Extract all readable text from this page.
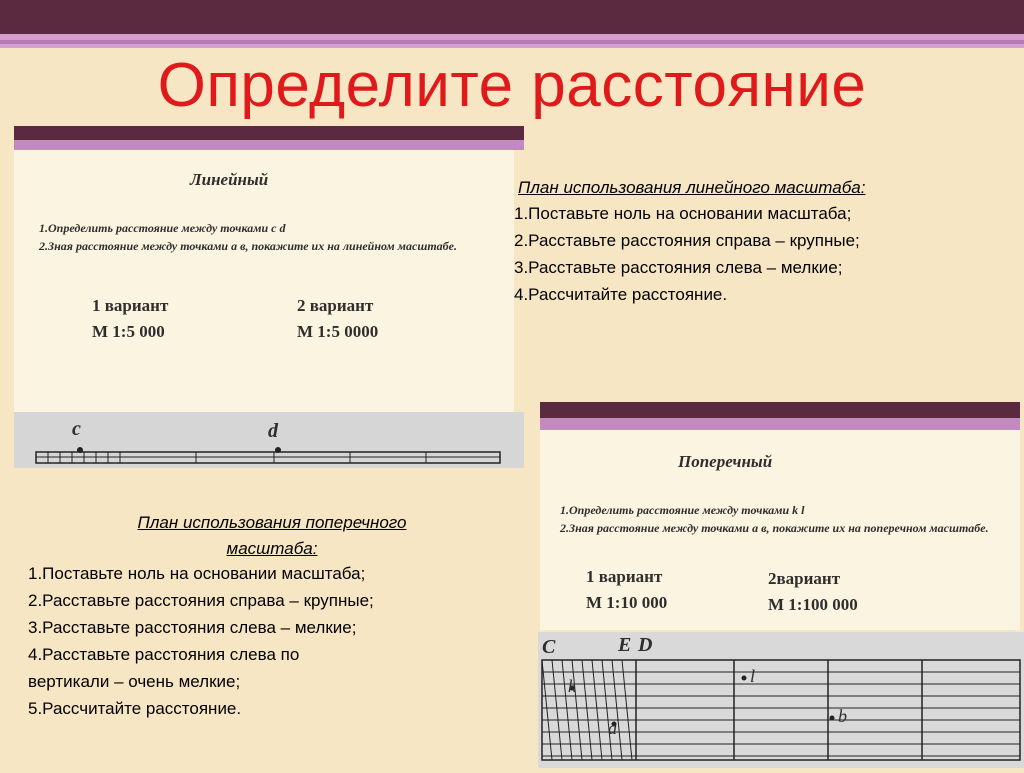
Определите расстояние
Линейный
1.Определить расстояние между точками c d
2.Зная расстояние между точками а в, покажите их на линейном масштабе.
1 вариант
М 1:5 000
2 вариант
М 1:5 0000
c	d
План использования линейного масштаба:
1.Поставьте ноль на основании масштаба;
2.Расставьте расстояния справа – крупные;
3.Расставьте расстояния слева – мелкие;
4.Рассчитайте расстояние.
План использования поперечного
масштаба:
1.Поставьте ноль на основании масштаба;
2.Расставьте расстояния справа – крупные;
3.Расставьте расстояния слева – мелкие;
4.Расставьте расстояния слева по
вертикали – очень мелкие;
5.Рассчитайте расстояние.
Поперечный
1.Определить расстояние между точками k l
2.Зная расстояние между точками а в, покажите их на поперечном масштабе.
1 вариант
М 1:10 000
2вариант
М 1:100 000
C	E D
k	l
a
b
